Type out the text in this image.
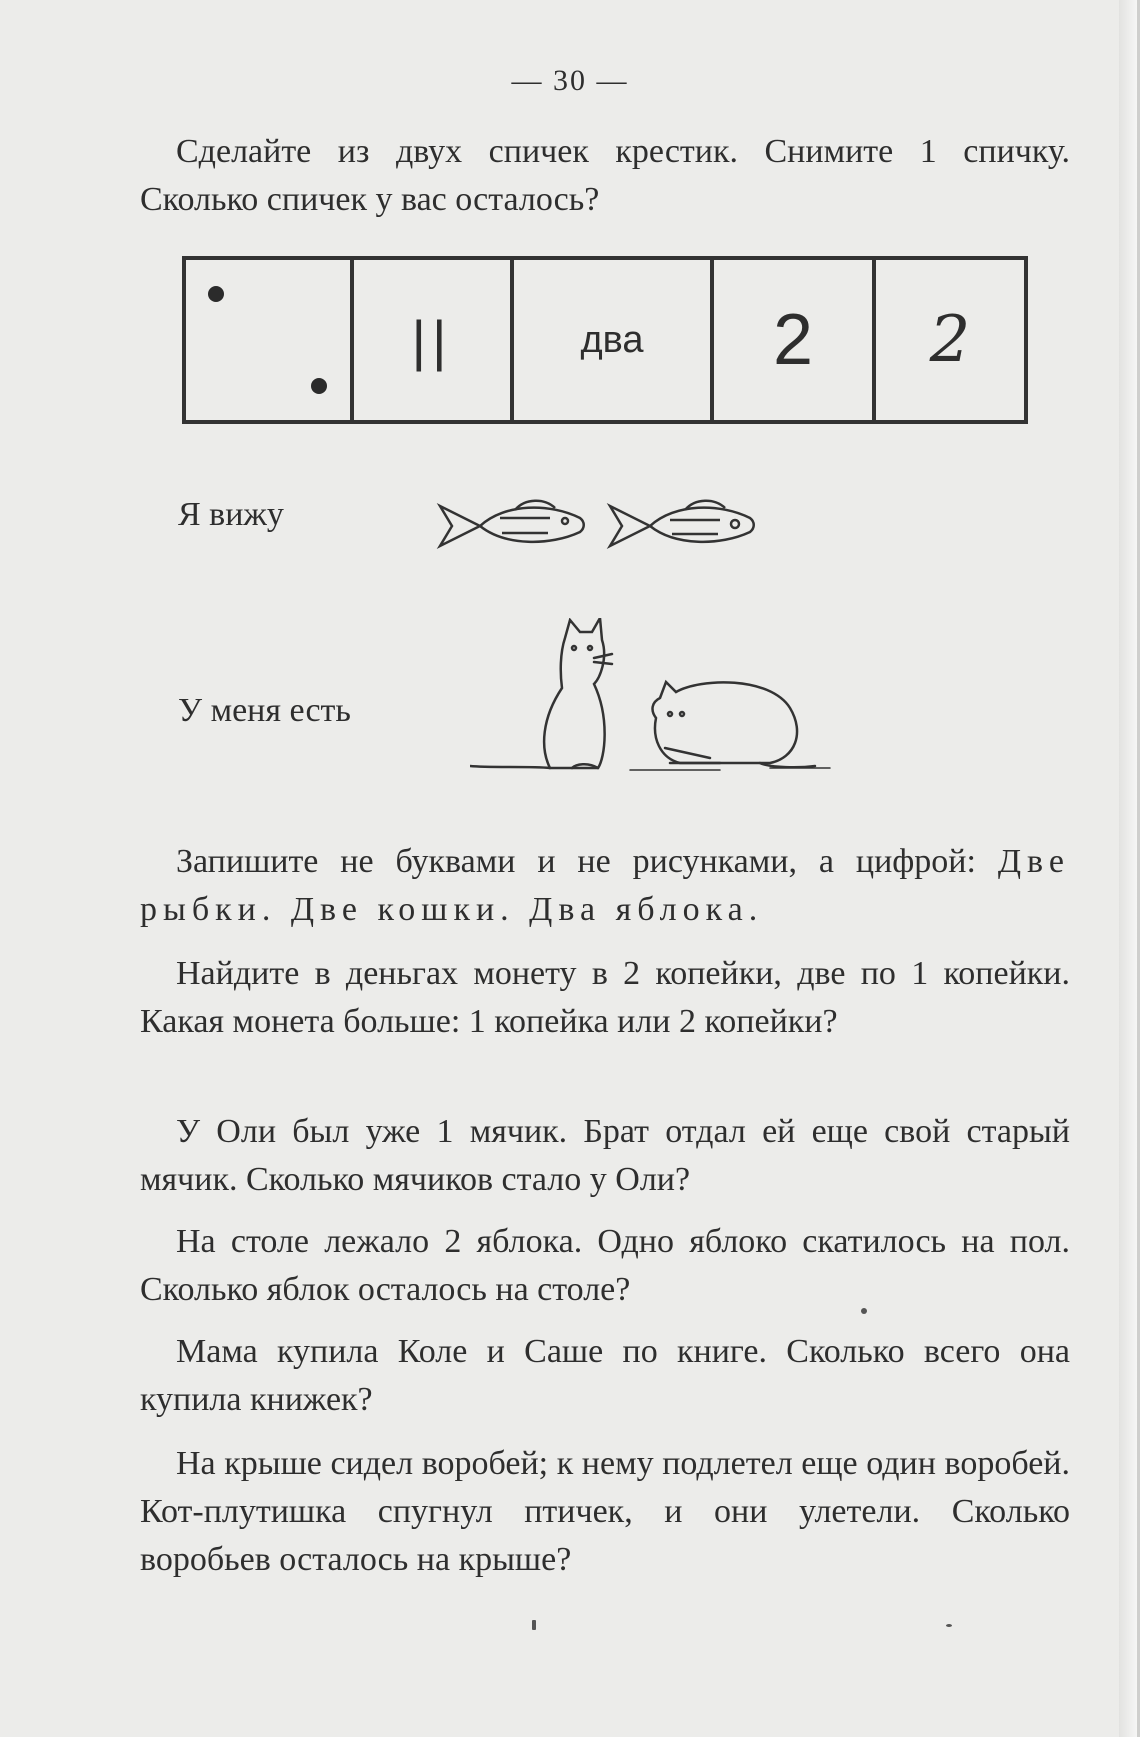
— 30 —

Сделайте из двух спичек крестик. Снимите 1 спичку. Сколько спичек у вас осталось?

||	два	2	2

Я вижу

У меня есть

Запишите не буквами и не рисунками, а цифрой: Две рыбки. Две кошки. Два яблока.

Найдите в деньгах монету в 2 копейки, две по 1 копейки. Какая монета больше: 1 копейка или 2 копейки?

У Оли был уже 1 мячик. Брат отдал ей еще свой старый мячик. Сколько мячиков стало у Оли?

На столе лежало 2 яблока. Одно яблоко скатилось на пол. Сколько яблок осталось на столе?

Мама купила Коле и Саше по книге. Сколько всего она купила книжек?

На крыше сидел воробей; к нему подлетел еще один воробей. Кот-плутишка спугнул птичек, и они улетели. Сколько воробьев осталось на крыше?
